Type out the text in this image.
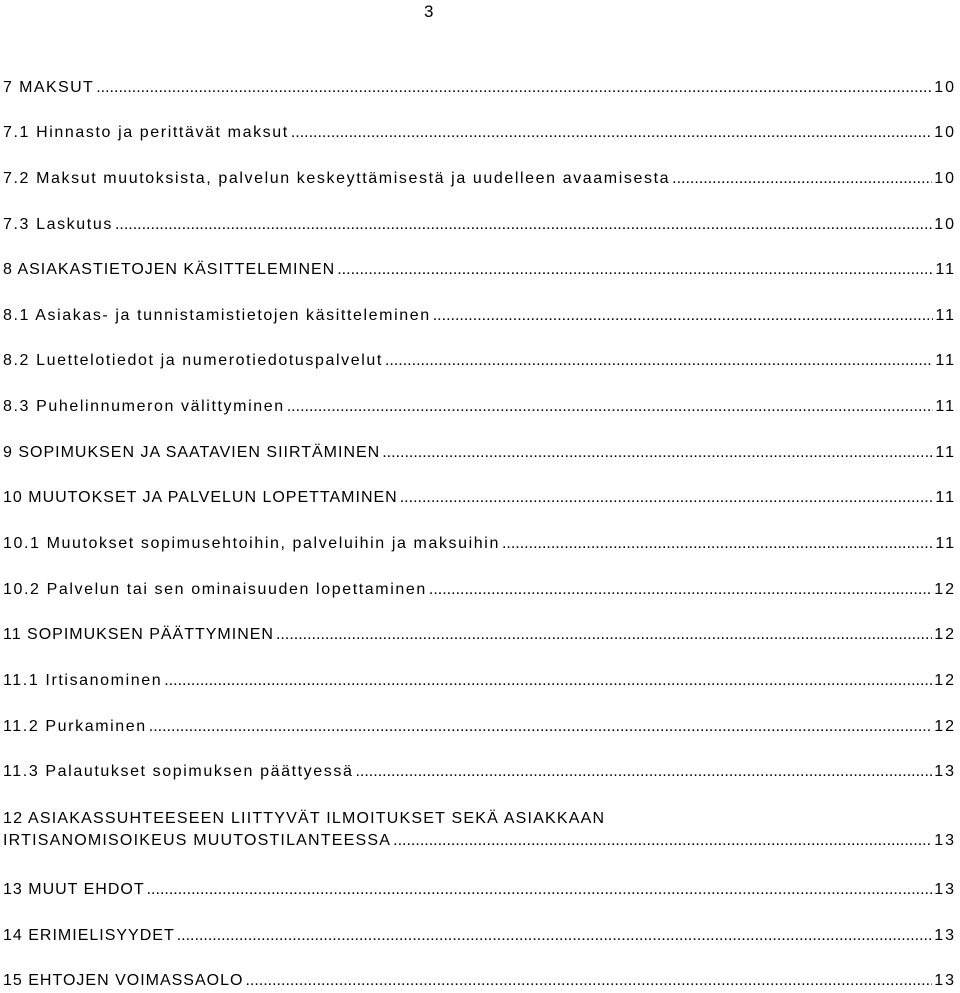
3
7 MAKSUT .....	10
7.1 Hinnasto ja perittävät maksut .....	10
7.2 Maksut muutoksista, palvelun keskeyttämisestä ja uudelleen avaamisesta .....	10
7.3 Laskutus .....	10
8 ASIAKASTIETOJEN KÄSITTELEMINEN .....	11
8.1 Asiakas- ja tunnistamistietojen käsitteleminen .....	11
8.2 Luettelotiedot ja numerotiedotuspalvelut .....	11
8.3 Puhelinnumeron välittyminen .....	11
9 SOPIMUKSEN JA SAATAVIEN SIIRTÄMINEN .....	11
10 MUUTOKSET JA PALVELUN LOPETTAMINEN .....	11
10.1 Muutokset sopimusehtoihin, palveluihin ja maksuihin .....	11
10.2 Palvelun tai sen ominaisuuden lopettaminen .....	12
11 SOPIMUKSEN PÄÄTTYMINEN .....	12
11.1 Irtisanominen .....	12
11.2 Purkaminen .....	12
11.3 Palautukset sopimuksen päättyessä .....	13
12 ASIAKASSUHTEESEEN LIITTYVÄT ILMOITUKSET SEKÄ ASIAKKAAN
IRTISANOMISOIKEUS MUUTOSTILANTEESSA .....	13
13 MUUT EHDOT .....	13
14 ERIMIELISYYDET .....	13
15 EHTOJEN VOIMASSAOLO .....	13
